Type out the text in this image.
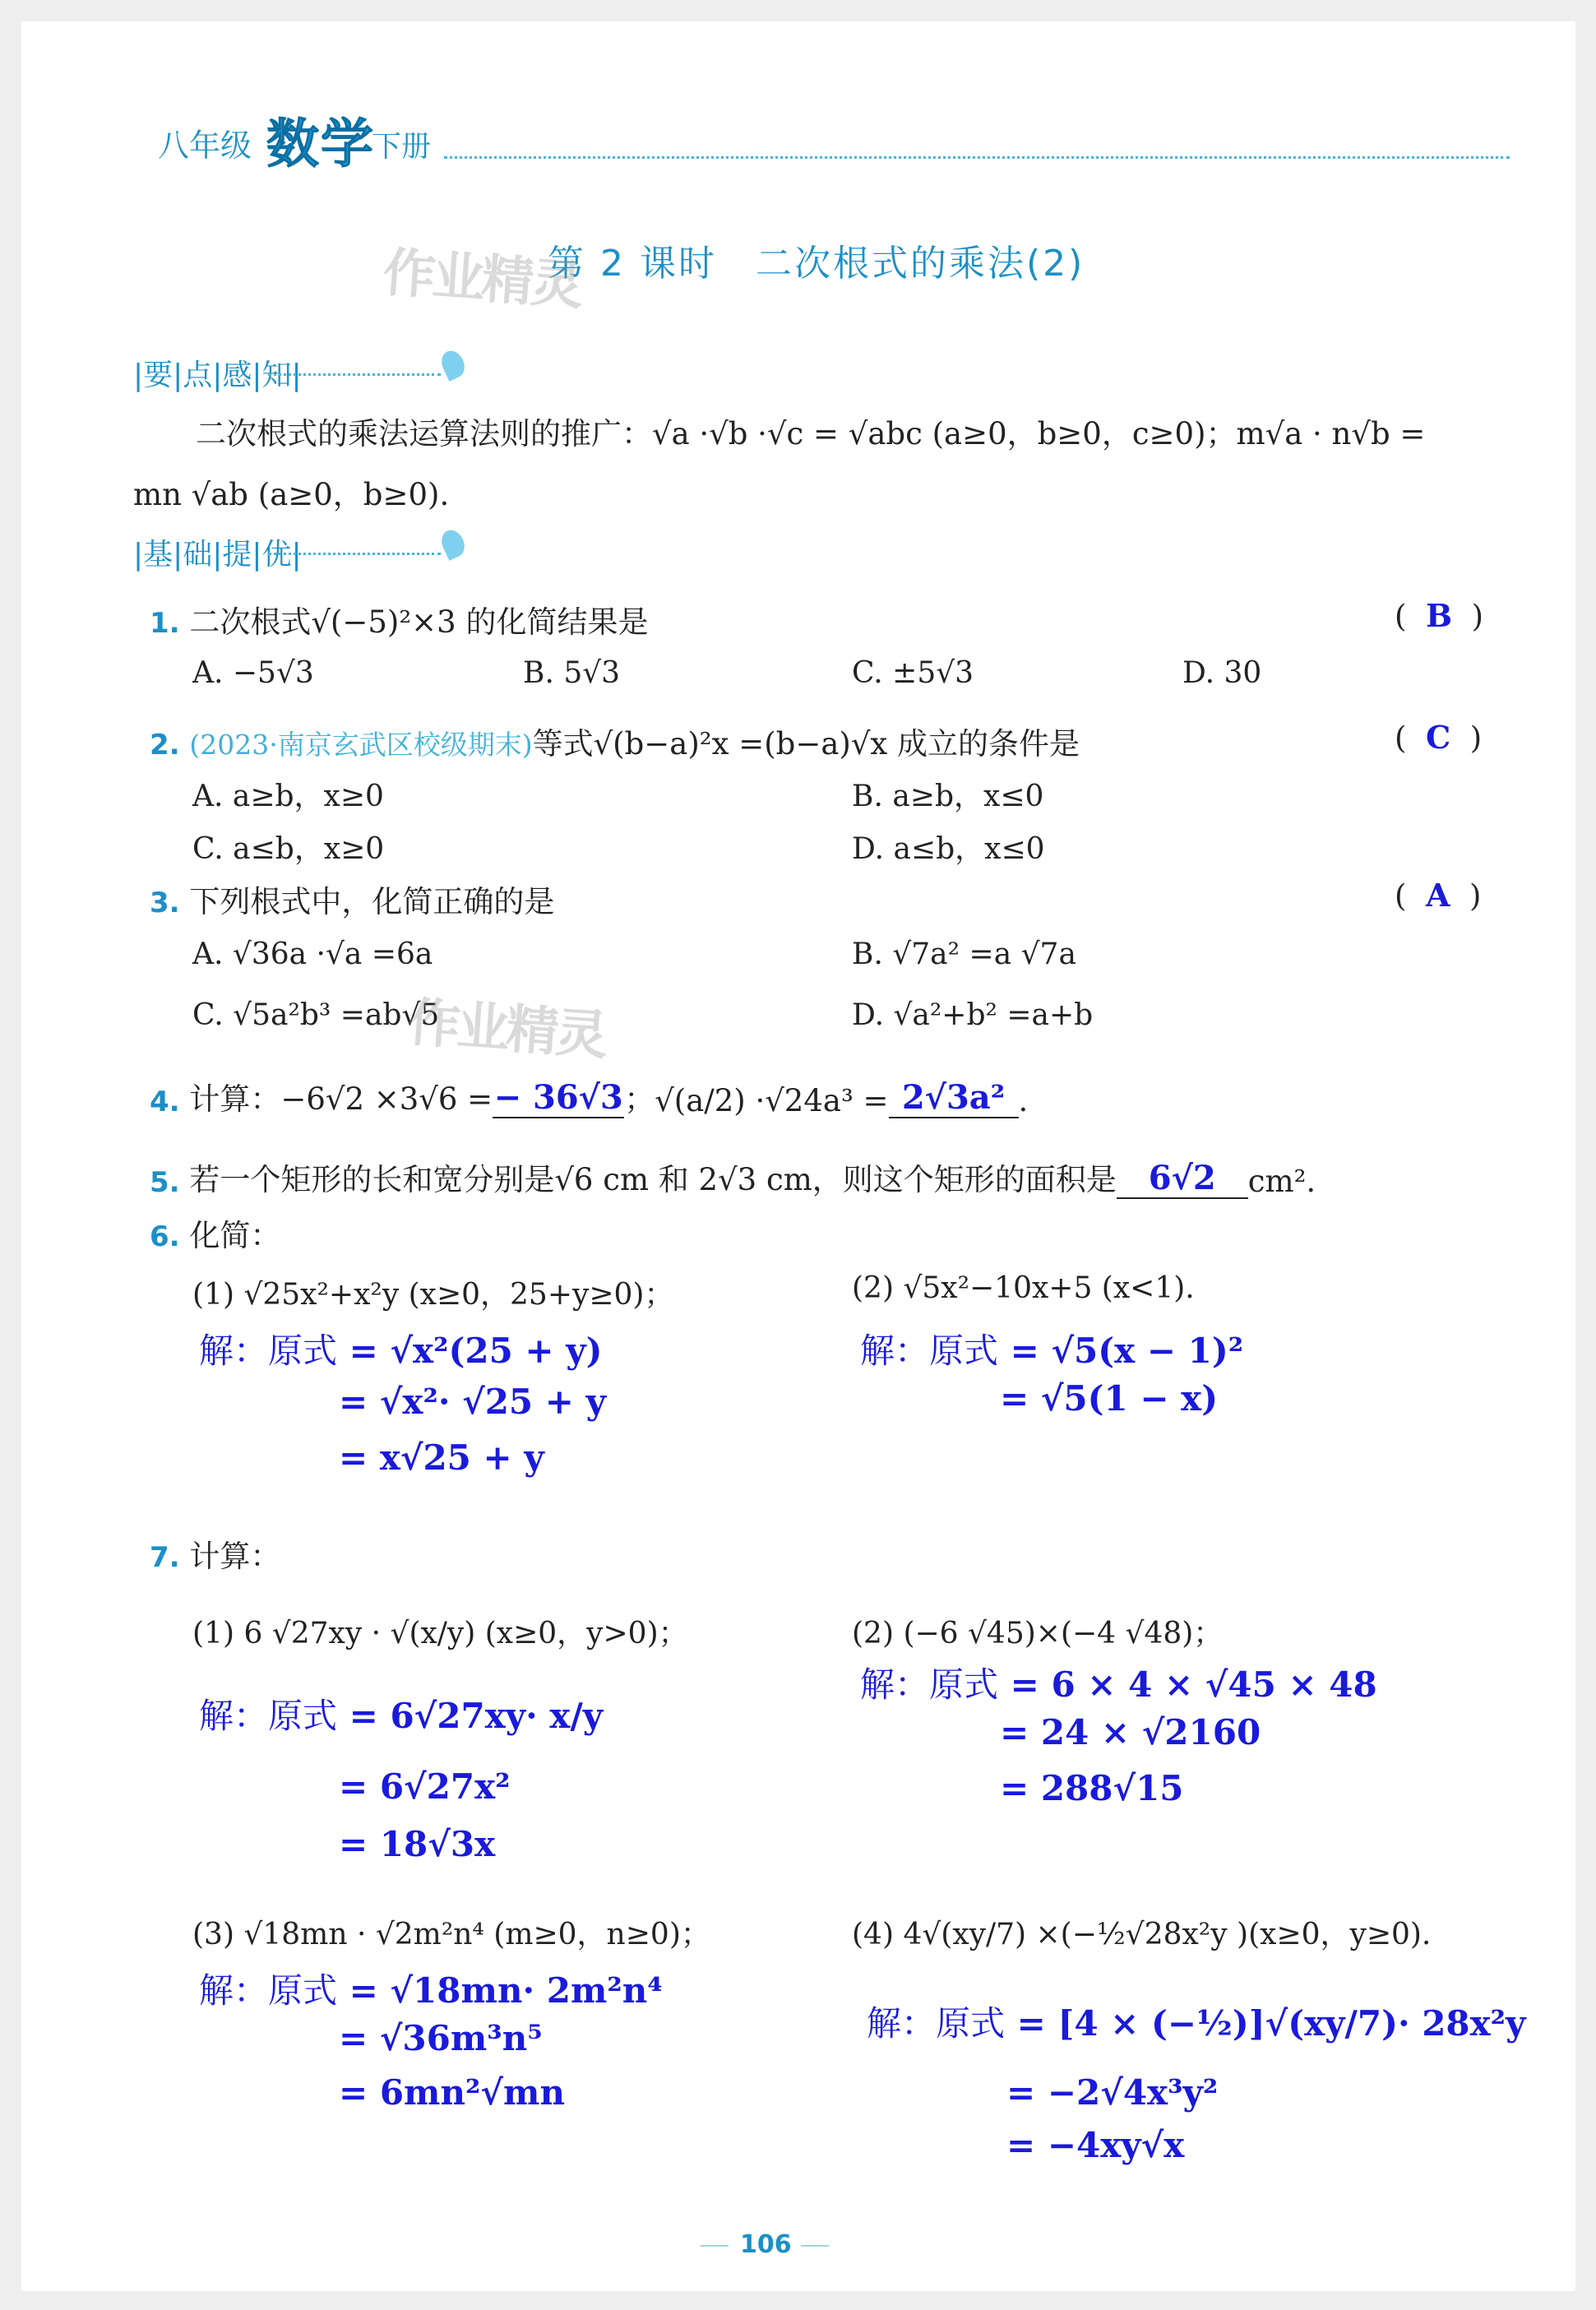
八年级 数学
下册
第 2 课时　二次根式的乘法(2)
作业精灵
|要|点|感|知|
二次根式的乘法运算法则的推广：√a ·√b ·√c = √abc (a≥0，b≥0，c≥0)；m√a · n√b =
mn √ab (a≥0，b≥0).
|基|础|提|优|
1. 二次根式√(−5)²×3 的化简结果是	(  B  )
A. −5√3	B. 5√3	C. ±5√3	D. 30
2. (2023·南京玄武区校级期末)等式√(b−a)²x =(b−a)√x 成立的条件是	(  C  )
A. a≥b，x≥0	B. a≥b，x≤0
C. a≤b，x≥0	D. a≤b，x≤0
3. 下列根式中，化简正确的是	(  A  )
A. √36a ·√a =6a	B. √7a² =a √7a
C. √5a²b³ =ab√5	D. √a²+b² =a+b
作业精灵
4.
计算：−6√2 ×3√6 = − 36√3 ； √(a/2) ·√24a³ = 2√3a² .
5.
若一个矩形的长和宽分别是√6 cm 和 2√3 cm，则这个矩形的面积是 6√2	cm².
6. 化简：
(1) √25x²+x²y (x≥0，25+y≥0)；	(2) √5x²−10x+5 (x<1).
解：原式 = √x²(25 + y)
= √x²· √25 + y
= x√25 + y
解：原式 = √5(x − 1)²
= √5(1 − x)
7. 计算：
(1) 6 √27xy · √(x/y) (x≥0，y>0)；	(2) (−6 √45)×(−4 √48)；
解：原式 = 6√27xy· x/y
= 6√27x²
= 18√3x
解：原式 = 6 × 4 × √45 × 48
= 24 × √2160
= 288√15
(3) √18mn · √2m²n⁴ (m≥0，n≥0)；	(4) 4√(xy/7) ×(−½√28x²y )(x≥0，y≥0).
解：原式 = √18mn· 2m²n⁴
= √36m³n⁵
= 6mn²√mn
解：原式 = [4 × (−½)]√(xy/7)· 28x²y
= −2√4x³y²
= −4xy√x
106
